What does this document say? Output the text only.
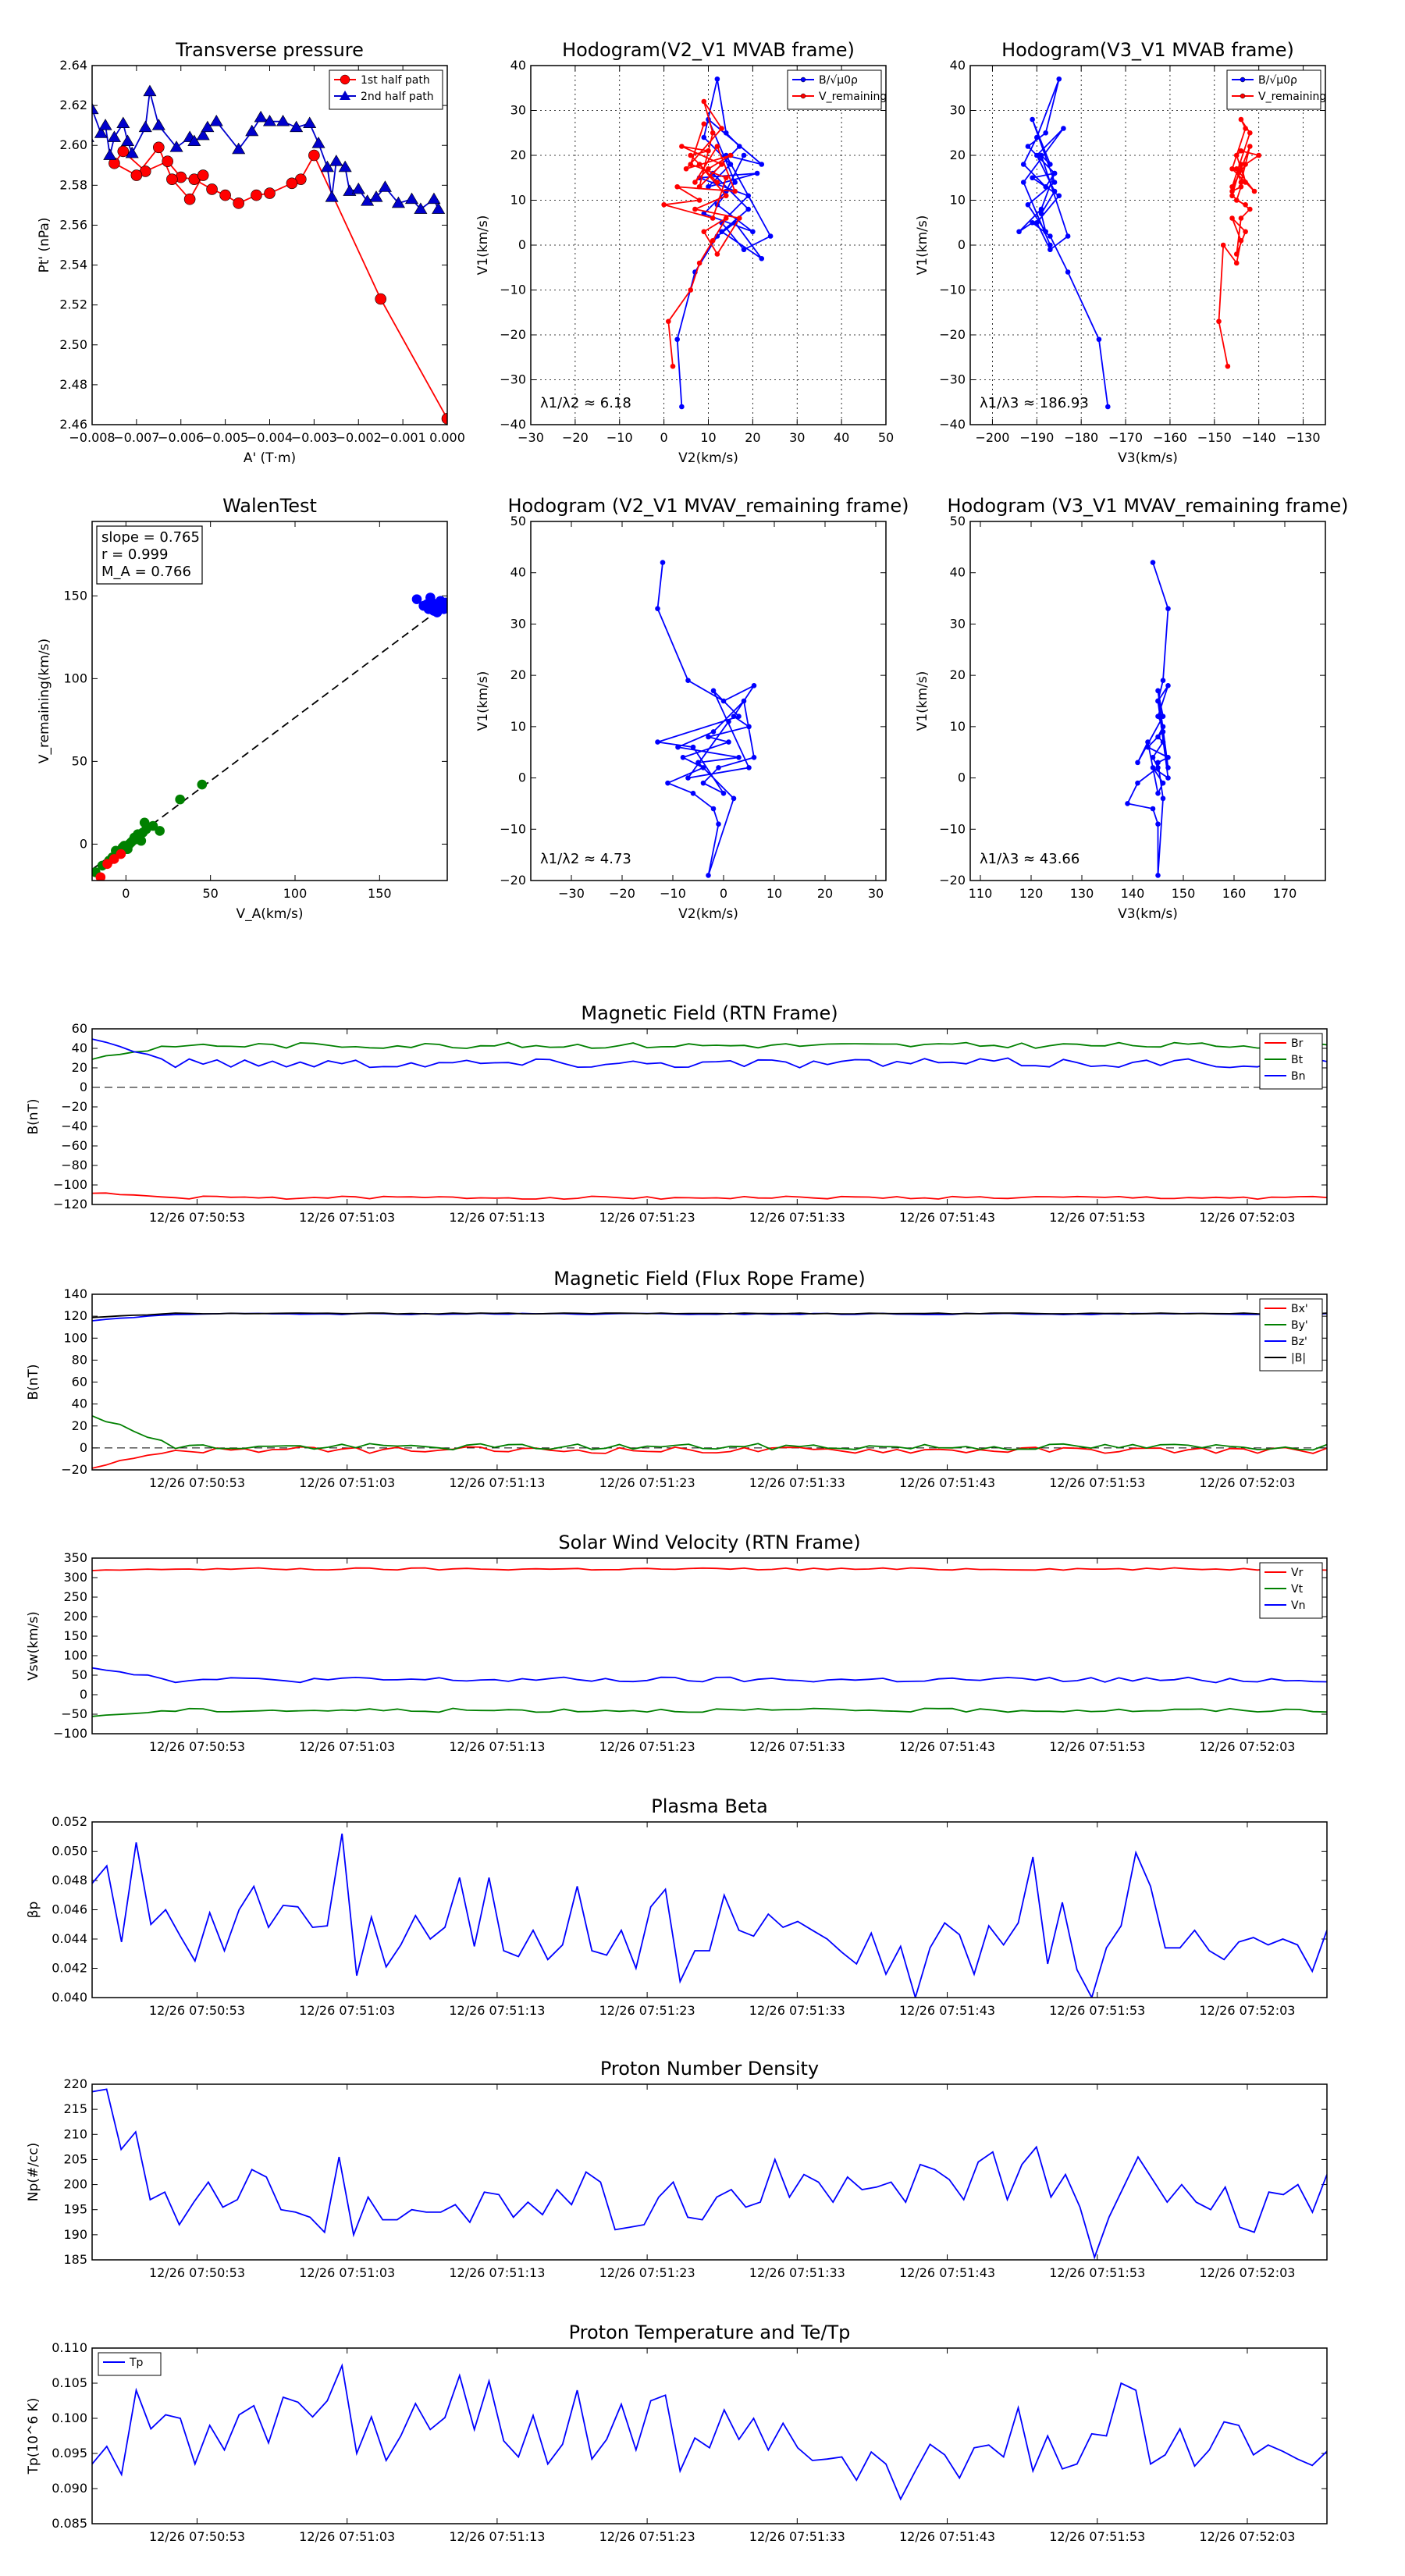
Transverse pressure
2.46
2.48
2.50
2.52
2.54
2.56
2.58
2.60
2.62
2.64
−0.008
−0.007
−0.006
−0.005
−0.004
−0.003
−0.002
−0.001 0.000
A' (T·m)
Pt' (nPa)
1st half path
2nd half path
Hodogram(V2_V1 MVAB frame)
−40
−30
−20
−10
0
10
20
30
40
−30 −20 −10 0	10 20 30 40 50
V2(km/s)
V1(km/s)
λ1/λ2 ≈ 6.18
B/√μ0ρ
V_remaining
Hodogram(V3_V1 MVAB frame)
−40
−30
−20
−10
0
10
20
30
40
−200 −190 −180 −170 −160 −150 −140 −130
V3(km/s)
V1(km/s)
λ1/λ3 ≈ 186.93
B/√μ0ρ
V_remaining
WalenTest
0
50
100
150
0	50	100	150
V_A(km/s)
V_remaining(km/s)
slope = 0.765
r = 0.999
M_A = 0.766
Hodogram (V2_V1 MVAV_remaining frame)
−20
−10
0
10
20
30
40
50
−30 −20 −10	0	10	20	30
V2(km/s)
V1(km/s)
λ1/λ2 ≈ 4.73
Hodogram (V3_V1 MVAV_remaining frame)
−20
−10
0
10
20
30
40
50
110 120 130 140 150 160 170
V3(km/s)
V1(km/s)
λ1/λ3 ≈ 43.66
Magnetic Field (RTN Frame)
−120
−100
−80
−60
−40
−20
0
20
40
60
12/26 07:50:53	12/26 07:51:03	12/26 07:51:13	12/26 07:51:23	12/26 07:51:33	12/26 07:51:43	12/26 07:51:53	12/26 07:52:03
B(nT)
Br
Bt
Bn
Magnetic Field (Flux Rope Frame)
−20
0
20
40
60
80
100
120
140
12/26 07:50:53	12/26 07:51:03	12/26 07:51:13	12/26 07:51:23	12/26 07:51:33	12/26 07:51:43	12/26 07:51:53	12/26 07:52:03
B(nT)
Bx'
By'
Bz'
|B|
Solar Wind Velocity (RTN Frame)
−100
−50
0
50
100
150
200
250
300
350
12/26 07:50:53	12/26 07:51:03	12/26 07:51:13	12/26 07:51:23	12/26 07:51:33	12/26 07:51:43	12/26 07:51:53	12/26 07:52:03
Vsw(km/s)
Vr
Vt
Vn
Plasma Beta
0.040
0.042
0.044
0.046
0.048
0.050
0.052
12/26 07:50:53	12/26 07:51:03	12/26 07:51:13	12/26 07:51:23	12/26 07:51:33	12/26 07:51:43	12/26 07:51:53	12/26 07:52:03
βp
Proton Number Density
185
190
195
200
205
210
215
220
12/26 07:50:53	12/26 07:51:03	12/26 07:51:13	12/26 07:51:23	12/26 07:51:33	12/26 07:51:43	12/26 07:51:53	12/26 07:52:03
Np(#/cc)
Proton Temperature and Te/Tp
0.085
0.090
0.095
0.100
0.105
0.110
12/26 07:50:53	12/26 07:51:03	12/26 07:51:13	12/26 07:51:23	12/26 07:51:33	12/26 07:51:43	12/26 07:51:53	12/26 07:52:03
Tp(10^6 K)
Tp
